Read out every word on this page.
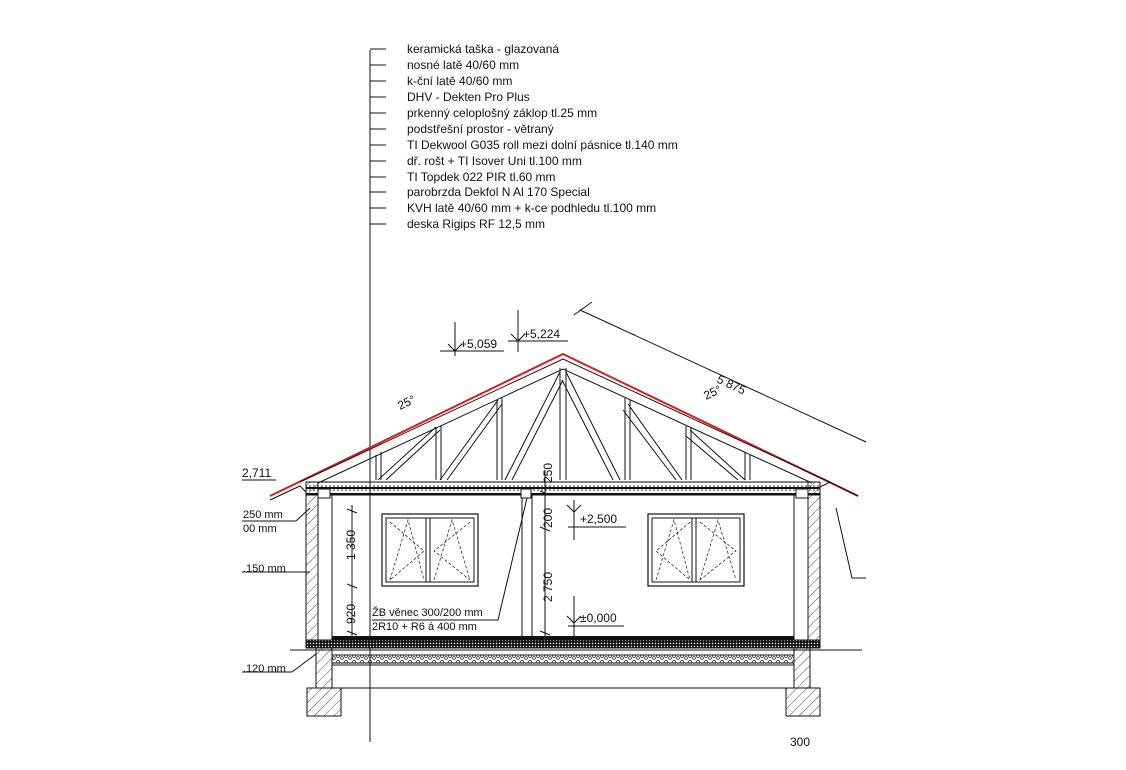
keramická taška - glazovaná
nosné latě 40/60 mm
k-ční latě 40/60 mm
DHV - Dekten Pro Plus
prkenný celoplošný záklop tl.25 mm
podstřešní prostor - větraný
TI Dekwool G035 roll mezi dolní pásnice tl.140 mm
dř. rošt + TI Isover Uni tl.100 mm
TI Topdek 022 PIR tl.60 mm
parobrzda Dekfol N Al 170 Special
KVH latě 40/60 mm + k-ce podhledu tl.100 mm
deska Rigips RF 12,5 mm
+5,059
+5,224
+2,500
±0,000
2,711
5 875
25°	25°
1 350
920
250
200
2 750
ŽB věnec 300/200 mm
2R10 + R6 á 400 mm
250 mm
00 mm
.150 mm
.120 mm
300
